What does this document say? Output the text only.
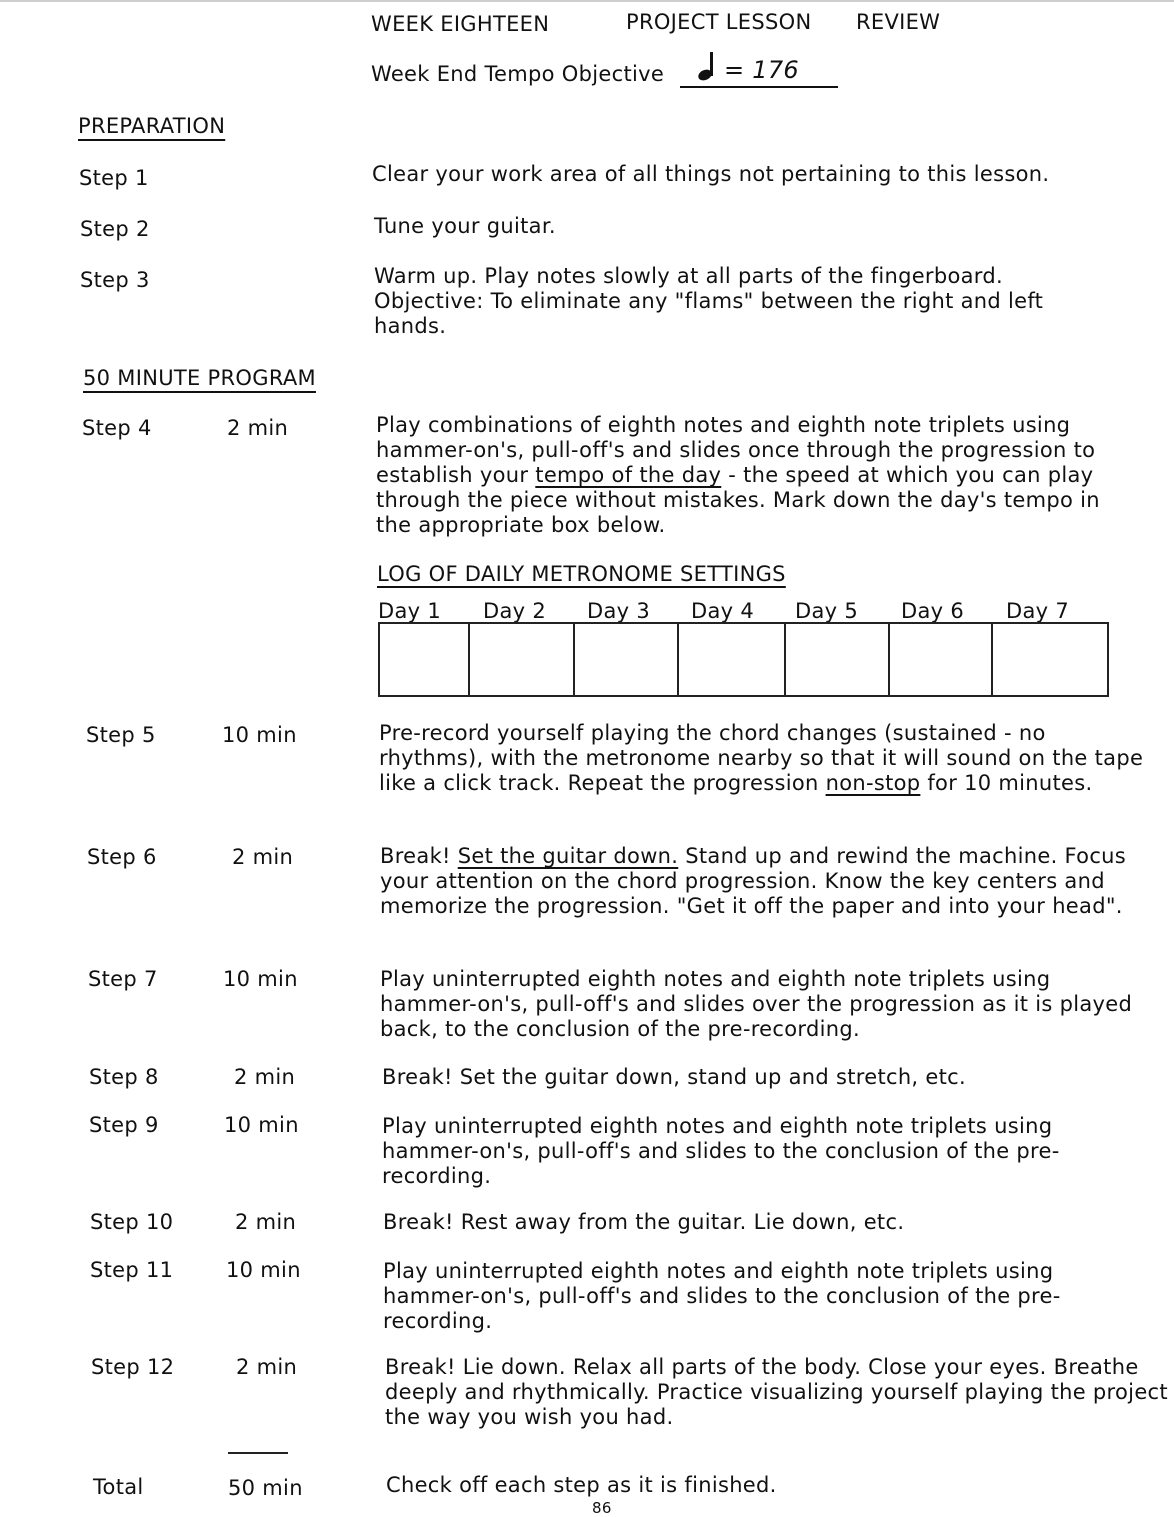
WEEK EIGHTEEN	PROJECT LESSON REVIEW
Week End Tempo Objective	= 176
PREPARATION
Step 1	Clear your work area of all things not pertaining to this lesson.
Step 2	Tune your guitar.
Step 3	Warm up. Play notes slowly at all parts of the fingerboard. Objective: To eliminate any "flams" between the right and left hands.
50 MINUTE PROGRAM
Step 4	2 min	Play combinations of eighth notes and eighth note triplets using hammer-on's, pull-off's and slides once through the progression to establish your tempo of the day - the speed at which you can play through the piece without mistakes. Mark down the day's tempo in the appropriate box below.
LOG OF DAILY METRONOME SETTINGS
Day 1 Day 2 Day 3 Day 4 Day 5 Day 6 Day 7

Step 5	10 min	Pre-record yourself playing the chord changes (sustained - no rhythms), with the metronome nearby so that it will sound on the tape like a click track. Repeat the progression non-stop for 10 minutes.
Step 6	2 min	Break! Set the guitar down. Stand up and rewind the machine. Focus your attention on the chord progression. Know the key centers and memorize the progression. "Get it off the paper and into your head".
Step 7	10 min	Play uninterrupted eighth notes and eighth note triplets using hammer-on's, pull-off's and slides over the progression as it is played back, to the conclusion of the pre-recording.
Step 8	2 min	Break! Set the guitar down, stand up and stretch, etc.
Step 9	10 min	Play uninterrupted eighth notes and eighth note triplets using hammer-on's, pull-off's and slides to the conclusion of the pre-recording.
Step 10	2 min	Break! Rest away from the guitar. Lie down, etc.
Step 11	10 min	Play uninterrupted eighth notes and eighth note triplets using hammer-on's, pull-off's and slides to the conclusion of the pre-recording.
Step 12	2 min	Break! Lie down. Relax all parts of the body. Close your eyes. Breathe deeply and rhythmically. Practice visualizing yourself playing the project the way you wish you had.
Total	50 min	Check off each step as it is finished.
86
